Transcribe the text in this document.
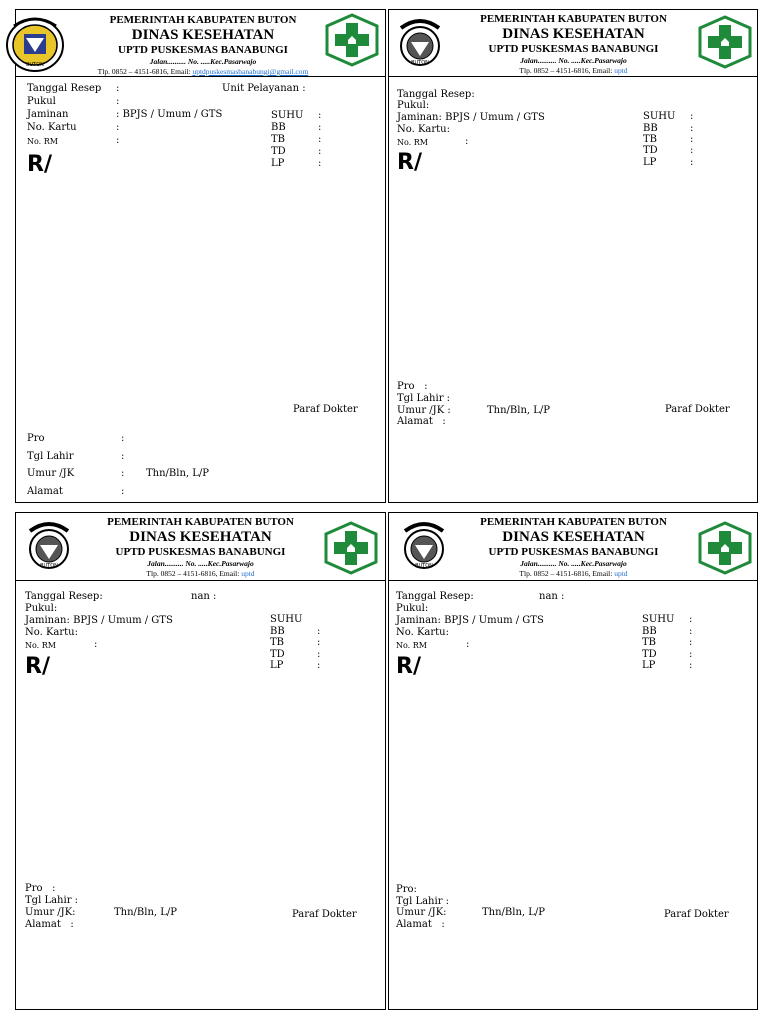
BUTON
PEMERINTAH KABUPATEN BUTON
DINAS KESEHATAN
UPTD PUSKESMAS BANABUNGI
Jalan.......... No. .....Kec.Pasarwajo
Tlp. 0852 – 4151-6816, Email: uptdpuskesmasbanabungi@gmail.com
Tanggal Resep :	Unit Pelayanan :
Pukul	:
Jaminan	: BPJS / Umum / GTS
No. Kartu	:
No. RM	:
SUHU :
BB	:
TB	:
TD	:
LP	:
R/
Paraf Dokter
Pro	:
Tgl Lahir	:
Umur /JK	: Thn/Bln, L/P
Alamat	:
BUTON
PEMERINTAH KABUPATEN BUTON
DINAS KESEHATAN
UPTD PUSKESMAS BANABUNGI
Jalan.......... No. .....Kec.Pasarwajo
Tlp. 0852 – 4151-6816, Email: uptd
Tanggal Resep:
Pukul:
Jaminan: BPJS / Umum / GTS
No. Kartu:
No. RM	:
SUHU :
BB	:
TB	:
TD	:
LP	:
R/
Pro :
Tgl Lahir :
Umur /JK :	Thn/Bln, L/P
Alamat :
Paraf Dokter
BUTON
PEMERINTAH KABUPATEN BUTON
DINAS KESEHATAN
UPTD PUSKESMAS BANABUNGI
Jalan.......... No. .....Kec.Pasarwajo
Tlp. 0852 – 4151-6816, Email: uptd
Tanggal Resep:	nan :
Pukul:
Jaminan: BPJS / Umum / GTS
No. Kartu:
No. RM	:
SUHU
BB	:
TB	:
TD	:
LP	:
R/
Pro :
Tgl Lahir :
Umur /JK:	Thn/Bln, L/P
Alamat :
Paraf Dokter
BUTON
PEMERINTAH KABUPATEN BUTON
DINAS KESEHATAN
UPTD PUSKESMAS BANABUNGI
Jalan.......... No. .....Kec.Pasarwajo
Tlp. 0852 – 4151-6816, Email: uptd
Tanggal Resep:	nan :
Pukul:
Jaminan: BPJS / Umum / GTS
No. Kartu:
No. RM	:
SUHU :
BB	:
TB	:
TD	:
LP	:
R/
Pro:
Tgl Lahir :
Umur /JK:	Thn/Bln, L/P
Alamat :
Paraf Dokter
